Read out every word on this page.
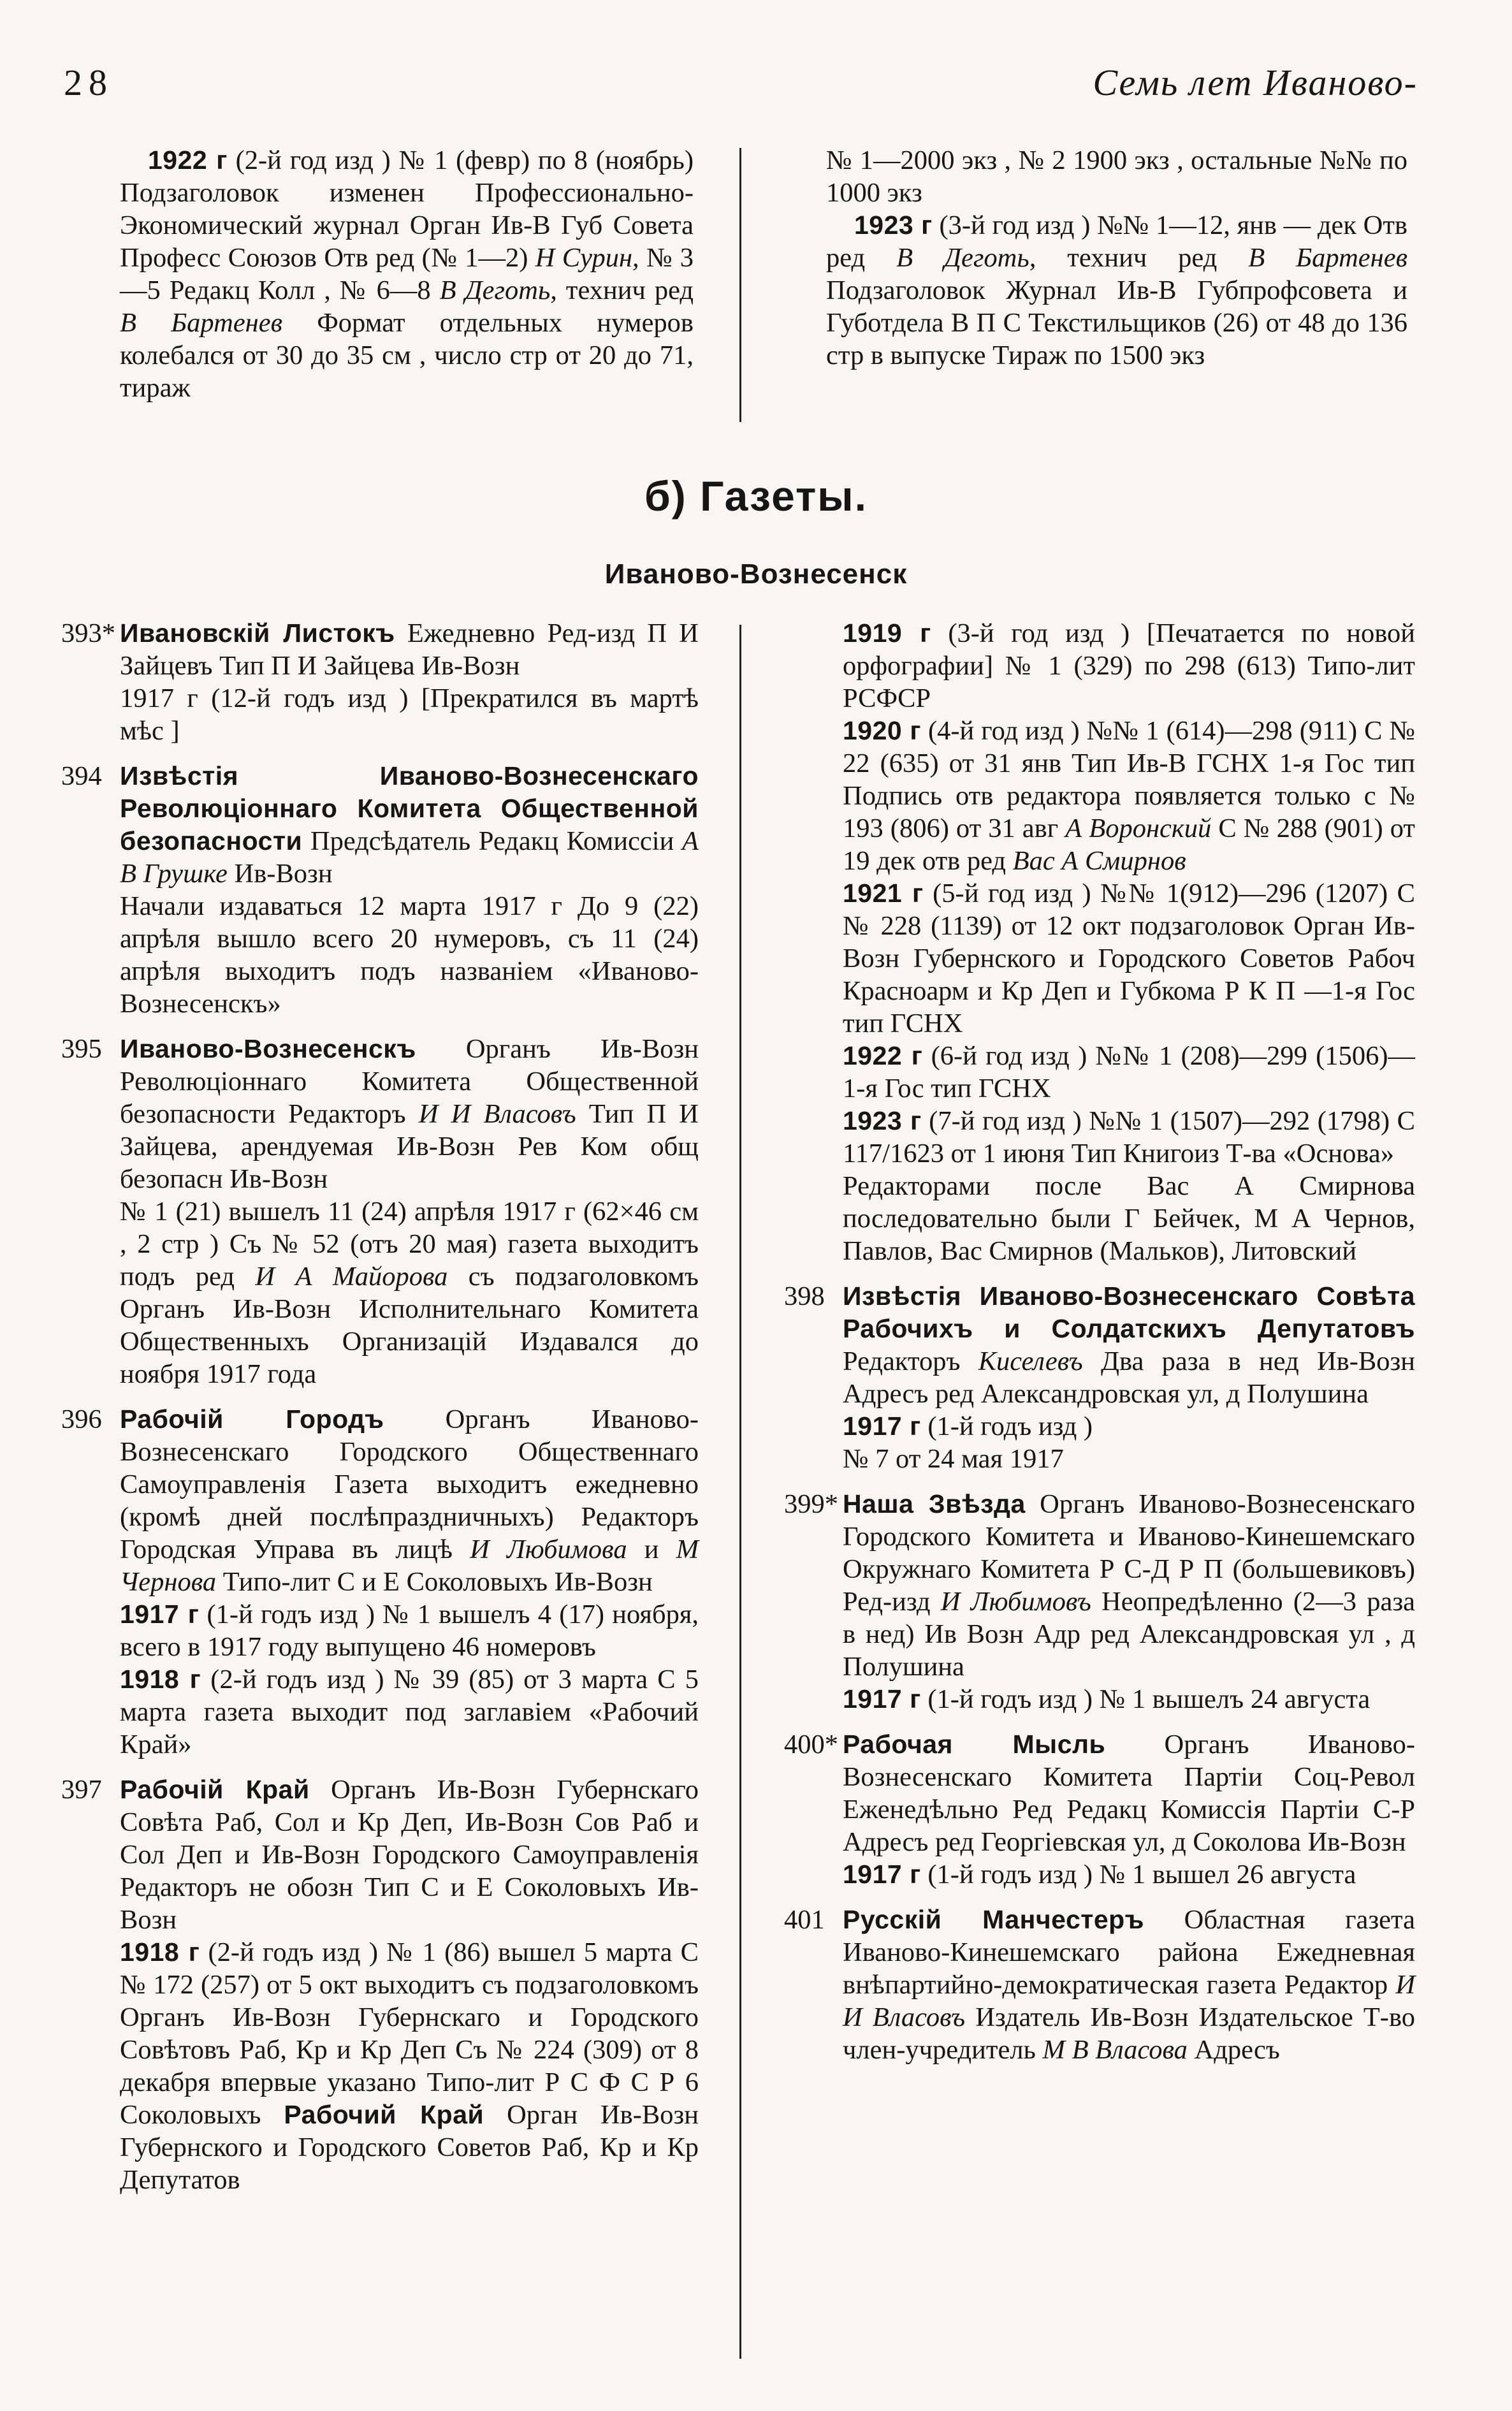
28	Семь лет Иваново-

1922 г (2-й год изд ) № 1 (февр) по 8 (ноябрь) Подзаголовок изменен Профессионально-Экономический журнал Орган Ив-В Губ Совета Професс Союзов Отв ред (№ 1—2) Н Сурин, № 3—5 Редакц Колл , № 6—8 В Деготь, технич ред В Бартенев Формат отдельных нумеров колебался от 30 до 35 см , число стр от 20 до 71, тираж

№ 1—2000 экз , № 2 1900 экз , остальные №№ по 1000 экз

1923 г (3-й год изд ) №№ 1—12, янв — дек Отв ред В Деготь, технич ред В Бартенев Подзаголовок Журнал Ив-В Губпрофсовета и Губотдела В П С Текстильщиков (26) от 48 до 136 стр в выпуске Тираж по 1500 экз

б) Газеты.
Иваново-Вознесенск
393* Ивановскій Листокъ Ежедневно Ред-изд П И Зайцевъ Тип П И Зайцева Ив-Возн

1917 г (12-й годъ изд ) [Прекратился въ мартѣ мѣс ]

394 Извѣстія Иваново-Вознесенскаго Революціоннаго Комитета Общественной безопасности Предсѣдатель Редакц Комиссіи А В Грушке Ив-Возн

Начали издаваться 12 марта 1917 г До 9 (22) апрѣля вышло всего 20 нумеровъ, съ 11 (24) апрѣля выходитъ подъ названіем «Иваново-Вознесенскъ»

395 Иваново-Вознесенскъ Органъ Ив-Возн Революціоннаго Комитета Общественной безопасности Редакторъ И И Власовъ Тип П И Зайцева, арендуемая Ив-Возн Рев Ком общ безопасн Ив-Возн

№ 1 (21) вышелъ 11 (24) апрѣля 1917 г (62×46 см , 2 стр ) Съ № 52 (отъ 20 мая) газета выходитъ подъ ред И А Майорова съ подзаголовкомъ Органъ Ив-Возн Исполнительнаго Комитета Общественныхъ Организацій Издавался до ноября 1917 года

396 Рабочій Городъ Органъ Иваново-Вознесенскаго Городского Общественнаго Самоуправленія Газета выходитъ ежедневно (кромѣ дней послѣпраздничныхъ) Редакторъ Городская Управа въ лицѣ И Любимова и М Чернова Типо-лит С и Е Соколовыхъ Ив-Возн

1917 г (1-й годъ изд ) № 1 вышелъ 4 (17) ноября, всего в 1917 году выпущено 46 номеровъ

1918 г (2-й годъ изд ) № 39 (85) от 3 марта С 5 марта газета выходит под заглавіем «Рабочий Край»

397 Рабочій Край Органъ Ив-Возн Губернскаго Совѣта Раб, Сол и Кр Деп, Ив-Возн Сов Раб и Сол Деп и Ив-Возн Городского Самоуправленія Редакторъ не обозн Тип С и Е Соколовыхъ Ив-Возн

1918 г (2-й годъ изд ) № 1 (86) вышел 5 марта С № 172 (257) от 5 окт выходитъ съ подзаголовкомъ Органъ Ив-Возн Губернскаго и Городского Совѣтовъ Раб, Кр и Кр Деп Съ № 224 (309) от 8 декабря впервые указано Типо-лит Р С Ф С Р 6 Соколовыхъ Рабочий Край Орган Ив-Возн Губернского и Городского Советов Раб, Кр и Кр Депутатов

1919 г (3-й год изд ) [Печатается по новой орфографии] № 1 (329) по 298 (613) Типо-лит РСФСР

1920 г (4-й год изд ) №№ 1 (614)—298 (911) С № 22 (635) от 31 янв Тип Ив-В ГСНХ 1-я Гос тип Подпись отв редактора появляется только с № 193 (806) от 31 авг А Воронский С № 288 (901) от 19 дек отв ред Вас А Смирнов

1921 г (5-й год изд ) №№ 1(912)—296 (1207) С № 228 (1139) от 12 окт подзаголовок Орган Ив-Возн Губернского и Городского Советов Рабоч Красноарм и Кр Деп и Губкома Р К П —1-я Гос тип ГСНХ

1922 г (6-й год изд ) №№ 1 (208)—299 (1506)—1-я Гос тип ГСНХ

1923 г (7-й год изд ) №№ 1 (1507)—292 (1798) С 117/1623 от 1 июня Тип Книгоиз Т-ва «Основа»

Редакторами после Вас А Смирнова последовательно были Г Бейчек, М А Чернов, Павлов, Вас Смирнов (Мальков), Литовский

398 Извѣстія Иваново-Вознесенскаго Совѣта Рабочихъ и Солдатскихъ Депутатовъ Редакторъ Киселевъ Два раза в нед Ив-Возн Адресъ ред Александровская ул, д Полушина

1917 г (1-й годъ изд )

№ 7 от 24 мая 1917

399* Наша Звѣзда Органъ Иваново-Вознесенскаго Городского Комитета и Иваново-Кинешемскаго Окружнаго Комитета Р С-Д Р П (большевиковъ) Ред-изд И Любимовъ Неопредѣленно (2—3 раза в нед) Ив Возн Адр ред Александровская ул , д Полушина

1917 г (1-й годъ изд ) № 1 вышелъ 24 августа

400* Рабочая Мысль Органъ Иваново-Вознесенскаго Комитета Партіи Соц-Револ Еженедѣльно Ред Редакц Комиссія Партіи С-Р Адресъ ред Георгіевская ул, д Соколова Ив-Возн

1917 г (1-й годъ изд ) № 1 вышел 26 августа

401 Русскій Манчестеръ Областная газета Иваново-Кинешемскаго района Ежедневная внѣпартийно-демократическая газета Редактор И И Власовъ Издатель Ив-Возн Издательское Т-во член-учредитель М В Власова Адресъ
